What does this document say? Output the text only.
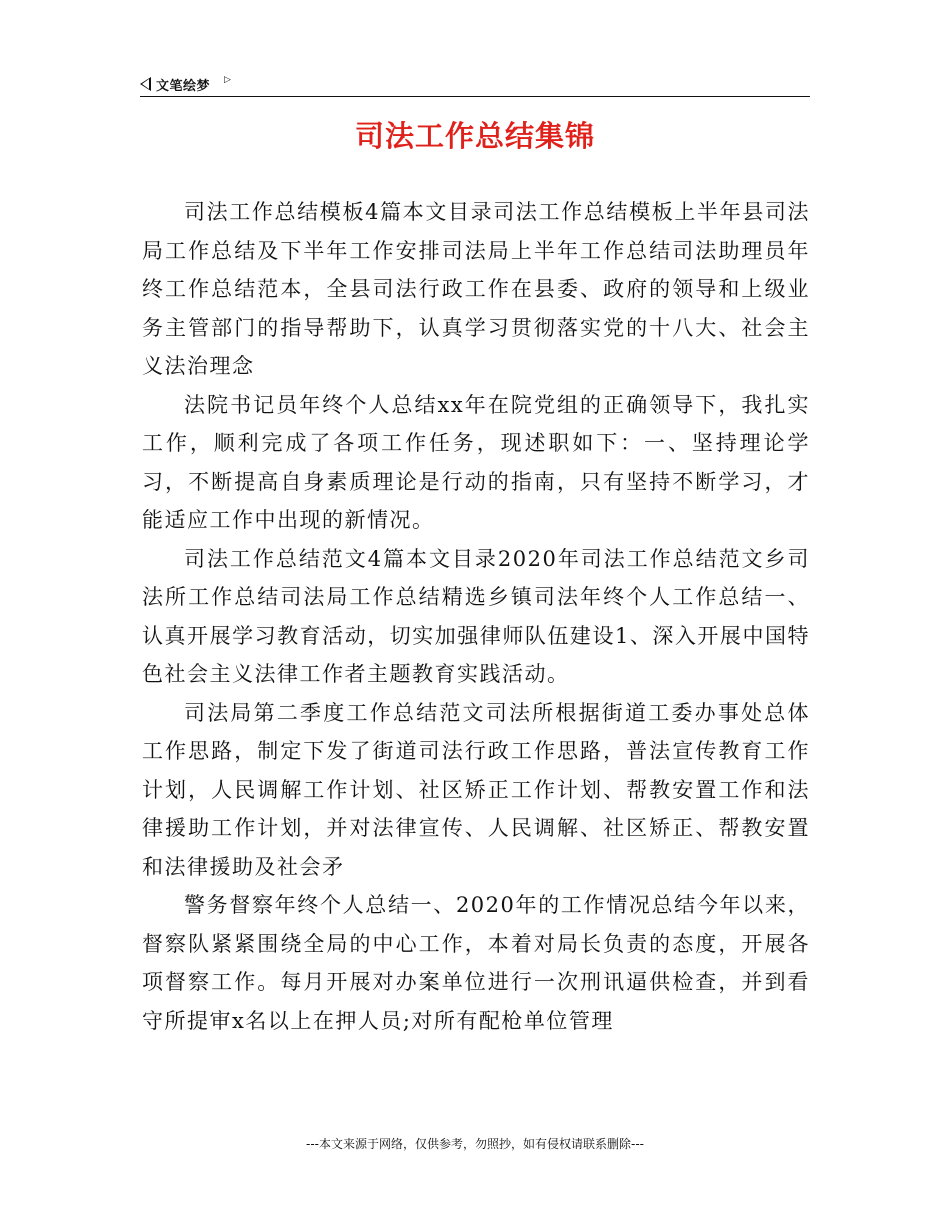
文笔绘梦 ▷
司法工作总结集锦

司法工作总结模板4篇本文目录司法工作总结模板上半年县司法局工作总结及下半年工作安排司法局上半年工作总结司法助理员年终工作总结范本，全县司法行政工作在县委、政府的领导和上级业务主管部门的指导帮助下，认真学习贯彻落实党的十八大、社会主义法治理念

法院书记员年终个人总结xx年在院党组的正确领导下，我扎实工作，顺利完成了各项工作任务，现述职如下：一、坚持理论学习，不断提高自身素质理论是行动的指南，只有坚持不断学习，才能适应工作中出现的新情况。

司法工作总结范文4篇本文目录2020年司法工作总结范文乡司法所工作总结司法局工作总结精选乡镇司法年终个人工作总结一、认真开展学习教育活动，切实加强律师队伍建设1、深入开展中国特色社会主义法律工作者主题教育实践活动。

司法局第二季度工作总结范文司法所根据街道工委办事处总体工作思路，制定下发了街道司法行政工作思路，普法宣传教育工作计划，人民调解工作计划、社区矫正工作计划、帮教安置工作和法律援助工作计划，并对法律宣传、人民调解、社区矫正、帮教安置和法律援助及社会矛

警务督察年终个人总结一、2020年的工作情况总结今年以来，督察队紧紧围绕全局的中心工作，本着对局长负责的态度，开展各项督察工作。每月开展对办案单位进行一次刑讯逼供检查，并到看守所提审x名以上在押人员;对所有配枪单位管理

---本文来源于网络，仅供参考，勿照抄，如有侵权请联系删除---
